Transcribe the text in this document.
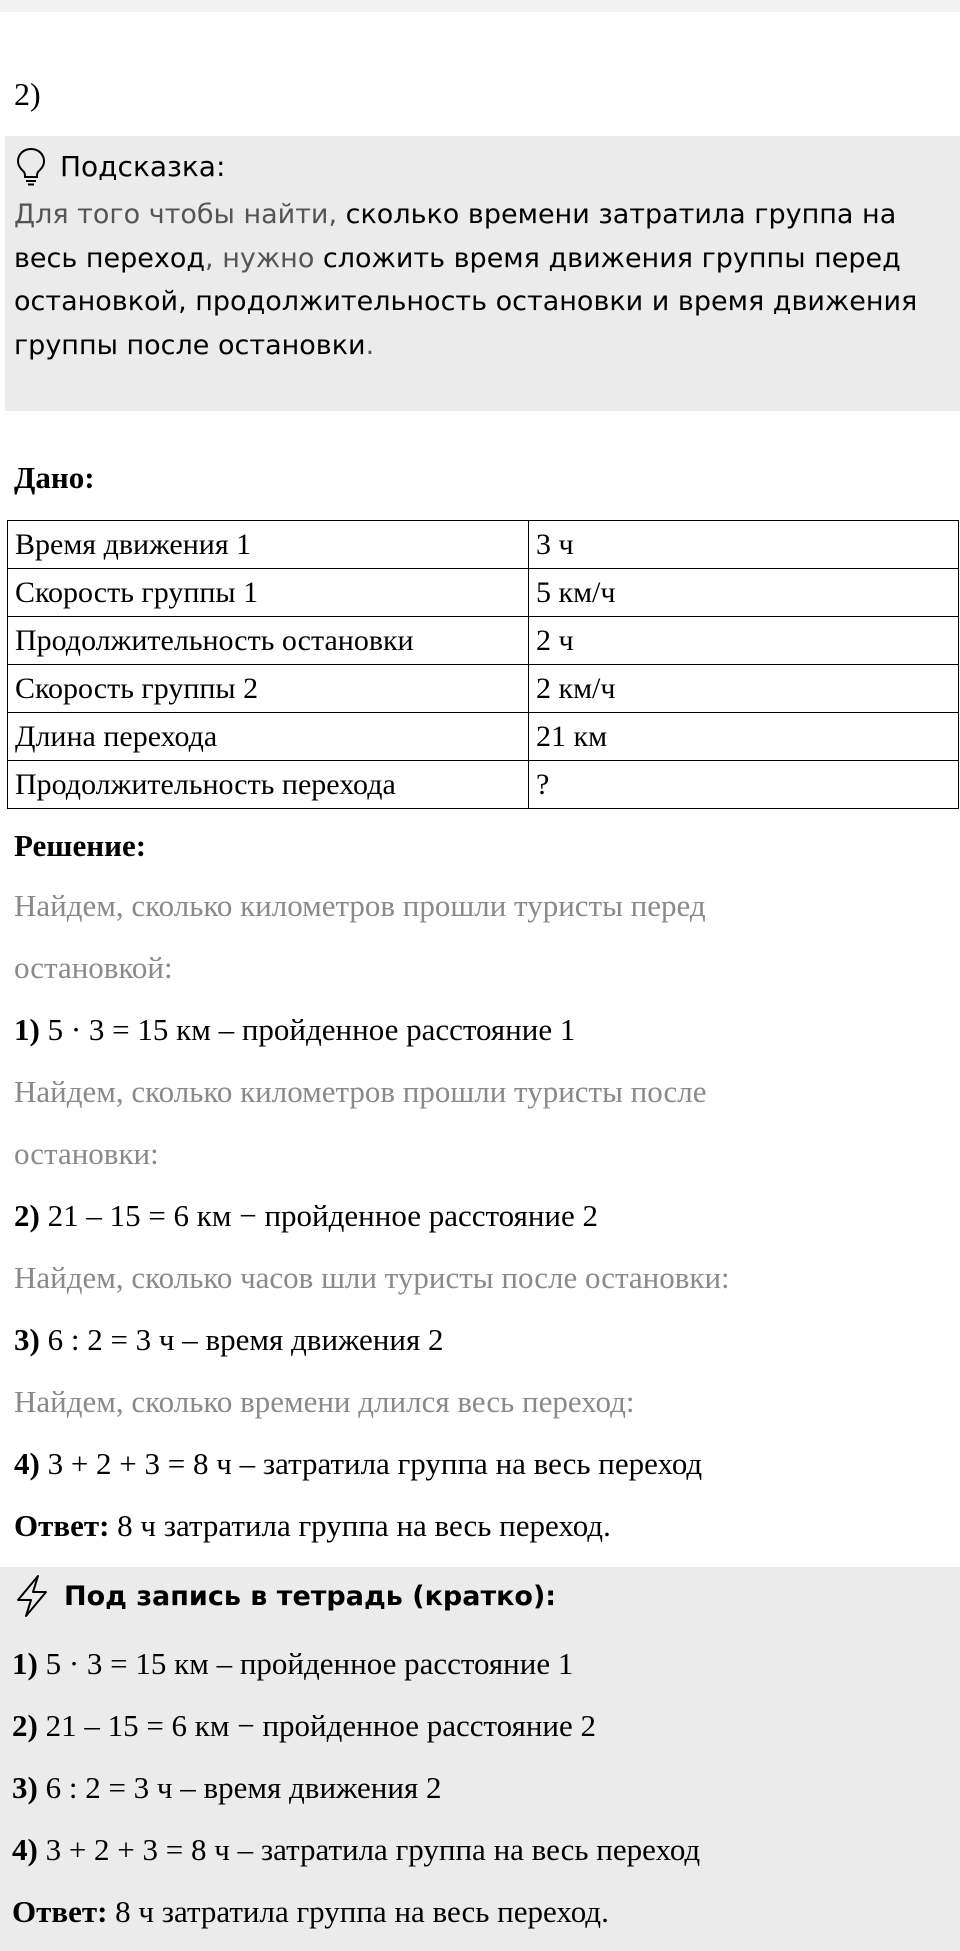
2)
Подсказка:
Для того чтобы найти, сколько времени затратила группа на весь переход, нужно сложить время движения группы перед остановкой, продолжительность остановки и время движения группы после остановки.
Дано:
Время движения 1	3 ч
Скорость группы 1	5 км/ч
Продолжительность остановки	2 ч
Скорость группы 2	2 км/ч
Длина перехода	21 км
Продолжительность перехода	?
Решение:
Найдем, сколько километров прошли туристы перед
остановкой:
1) 5 · 3 = 15 км – пройденное расстояние 1
Найдем, сколько километров прошли туристы после
остановки:
2) 21 – 15 = 6 км − пройденное расстояние 2
Найдем, сколько часов шли туристы после остановки:
3) 6 : 2 = 3 ч – время движения 2
Найдем, сколько времени длился весь переход:
4) 3 + 2 + 3 = 8 ч – затратила группа на весь переход
Ответ: 8 ч затратила группа на весь переход.
Под запись в тетрадь (кратко):
1) 5 · 3 = 15 км – пройденное расстояние 1
2) 21 – 15 = 6 км − пройденное расстояние 2
3) 6 : 2 = 3 ч – время движения 2
4) 3 + 2 + 3 = 8 ч – затратила группа на весь переход
Ответ: 8 ч затратила группа на весь переход.
